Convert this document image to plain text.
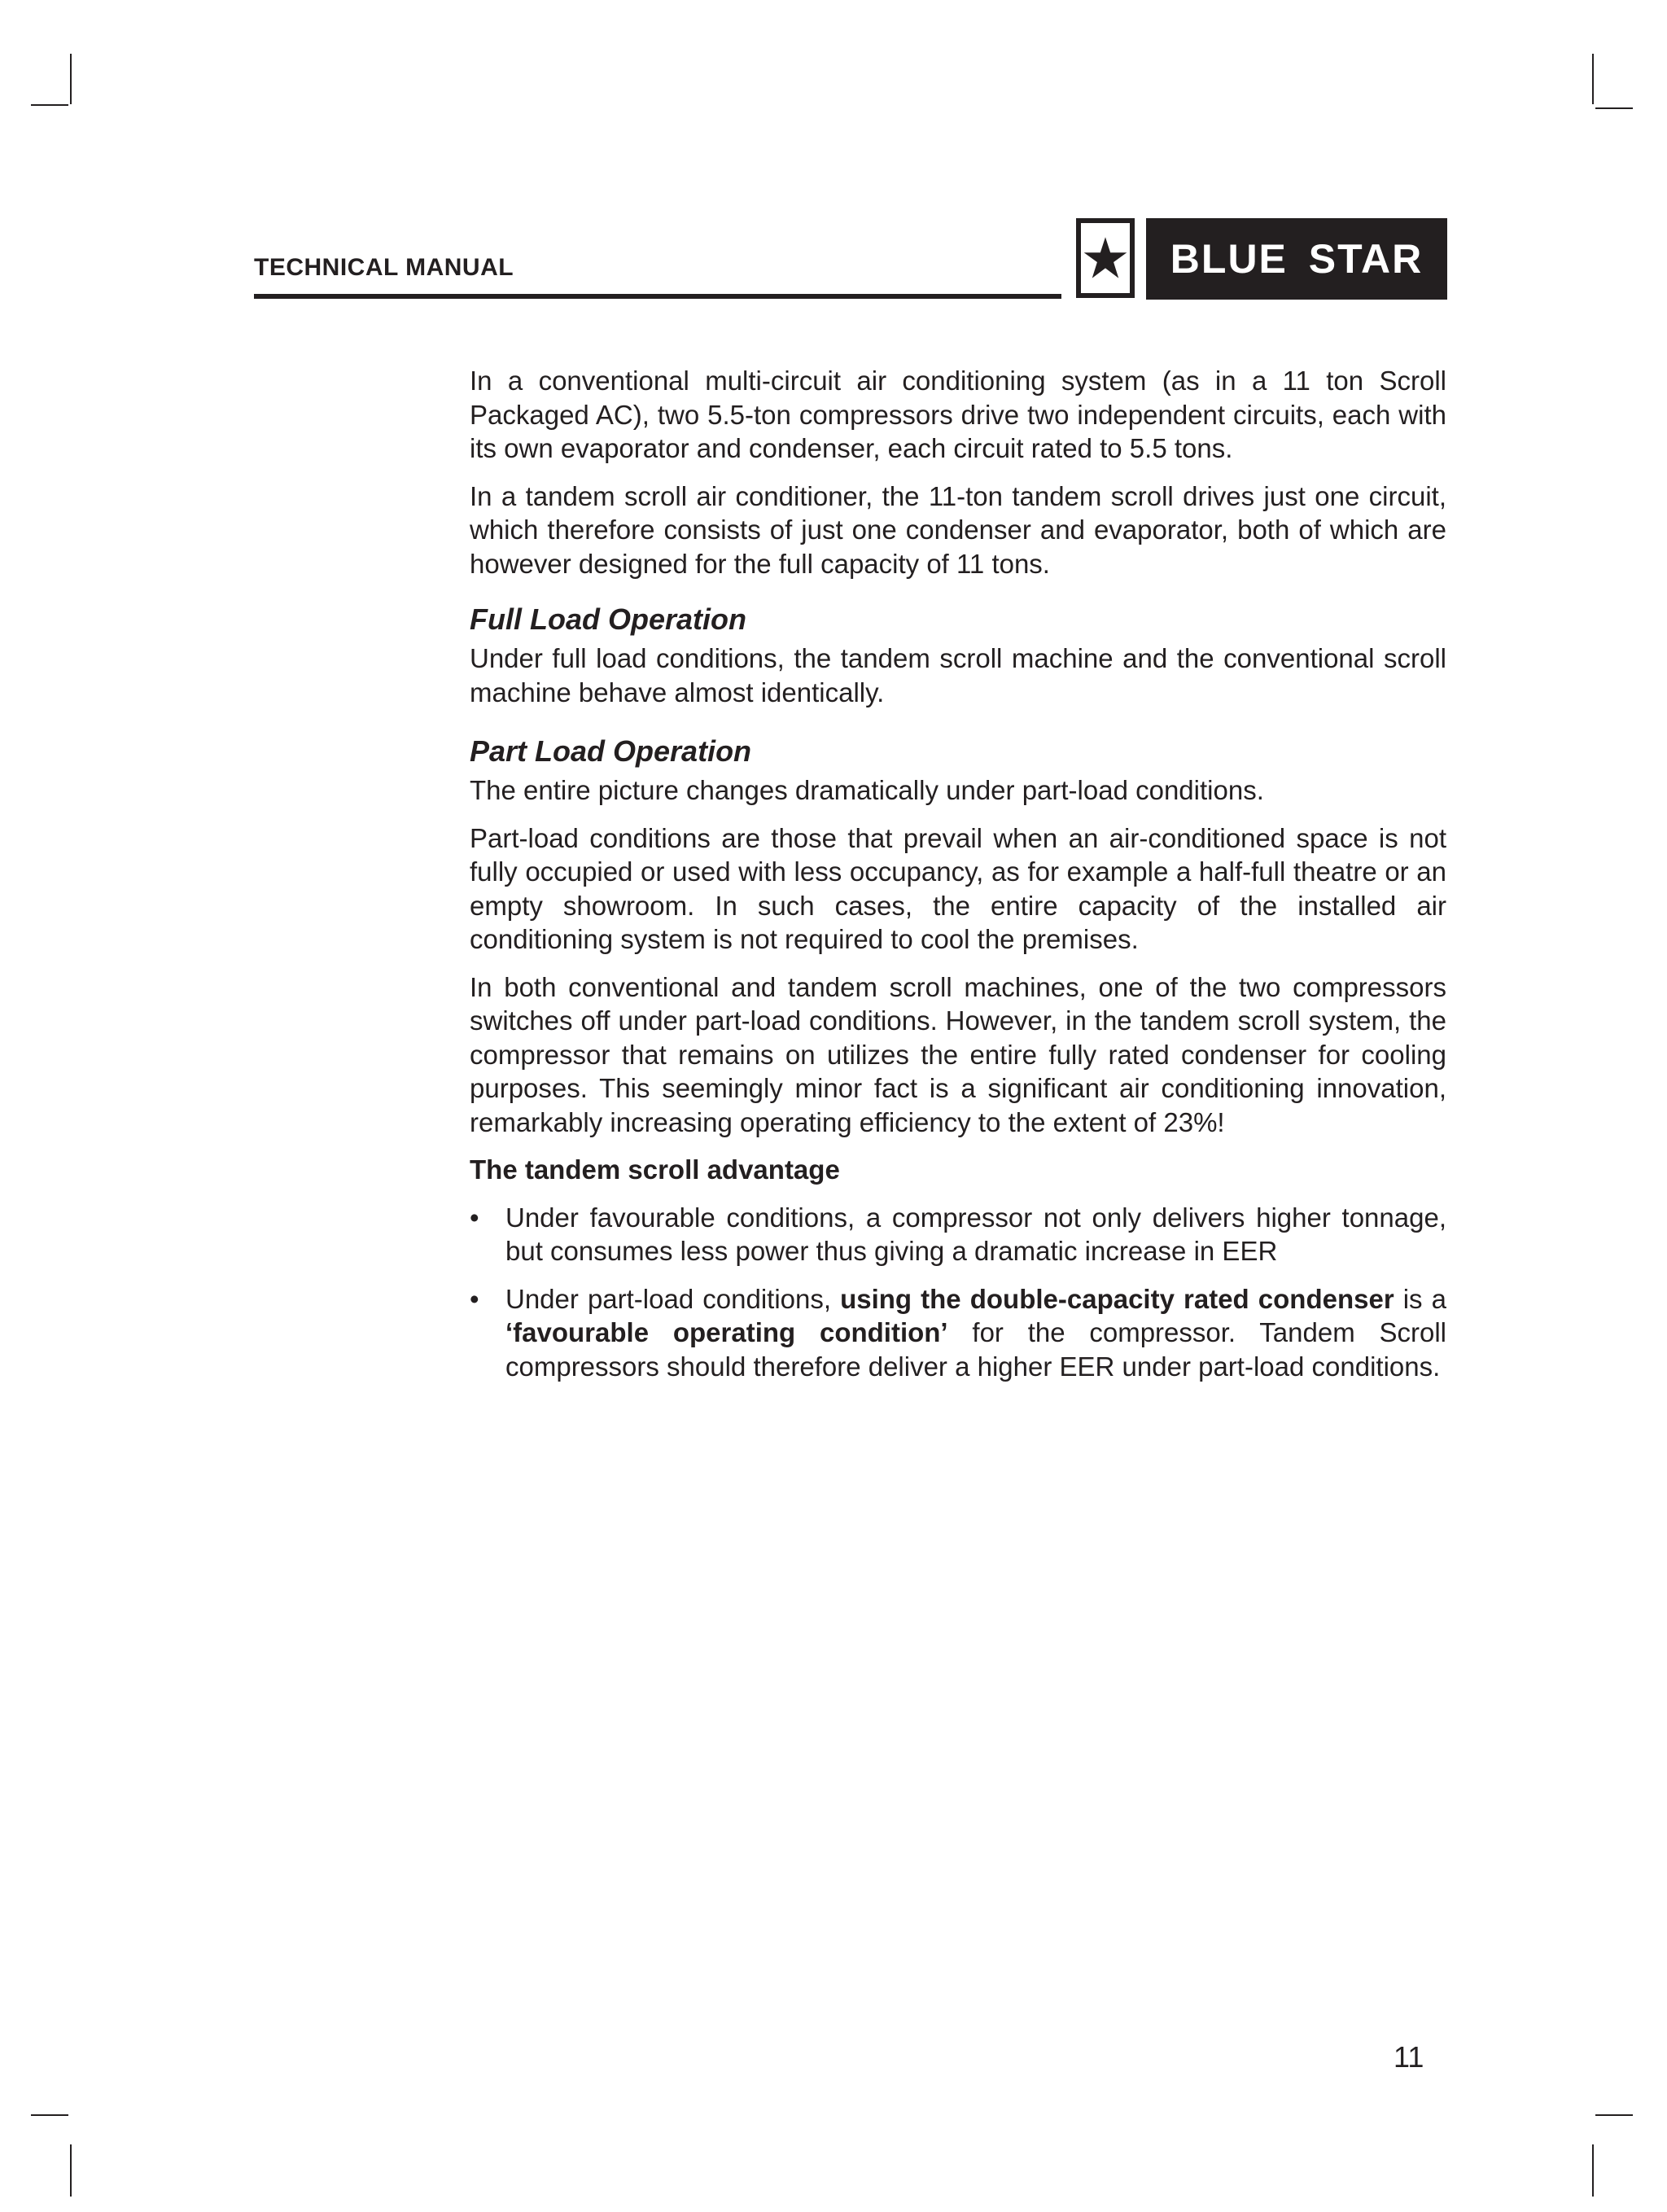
TECHNICAL MANUAL	BLUE STAR

In a conventional multi-circuit air conditioning system (as in a 11 ton Scroll Packaged AC), two 5.5-ton compressors drive two independent circuits, each with its own evaporator and condenser, each circuit rated to 5.5 tons.

In a tandem scroll air conditioner, the 11-ton tandem scroll drives just one circuit, which therefore consists of just one condenser and evaporator, both of which are however designed for the full capacity of 11 tons.

Full Load Operation

Under full load conditions, the tandem scroll machine and the conventional scroll machine behave almost identically.

Part Load Operation

The entire picture changes dramatically under part-load conditions.

Part-load conditions are those that prevail when an air-conditioned space is not fully occupied or used with less occupancy, as for example a half-full theatre or an empty showroom. In such cases, the entire capacity of the installed air conditioning system is not required to cool the premises.

In both conventional and tandem scroll machines, one of the two compressors switches off under part-load conditions. However, in the tandem scroll system, the compressor that remains on utilizes the entire fully rated condenser for cooling purposes. This seemingly minor fact is a significant air conditioning innovation, remarkably increasing operating efficiency to the extent of 23%!

The tandem scroll advantage
• Under favourable conditions, a compressor not only delivers higher tonnage, but consumes less power thus giving a dramatic increase in EER
• Under part-load conditions, using the double-capacity rated condenser is a ‘favourable operating condition’ for the compressor. Tandem Scroll compressors should therefore deliver a higher EER under part-load conditions.
11
